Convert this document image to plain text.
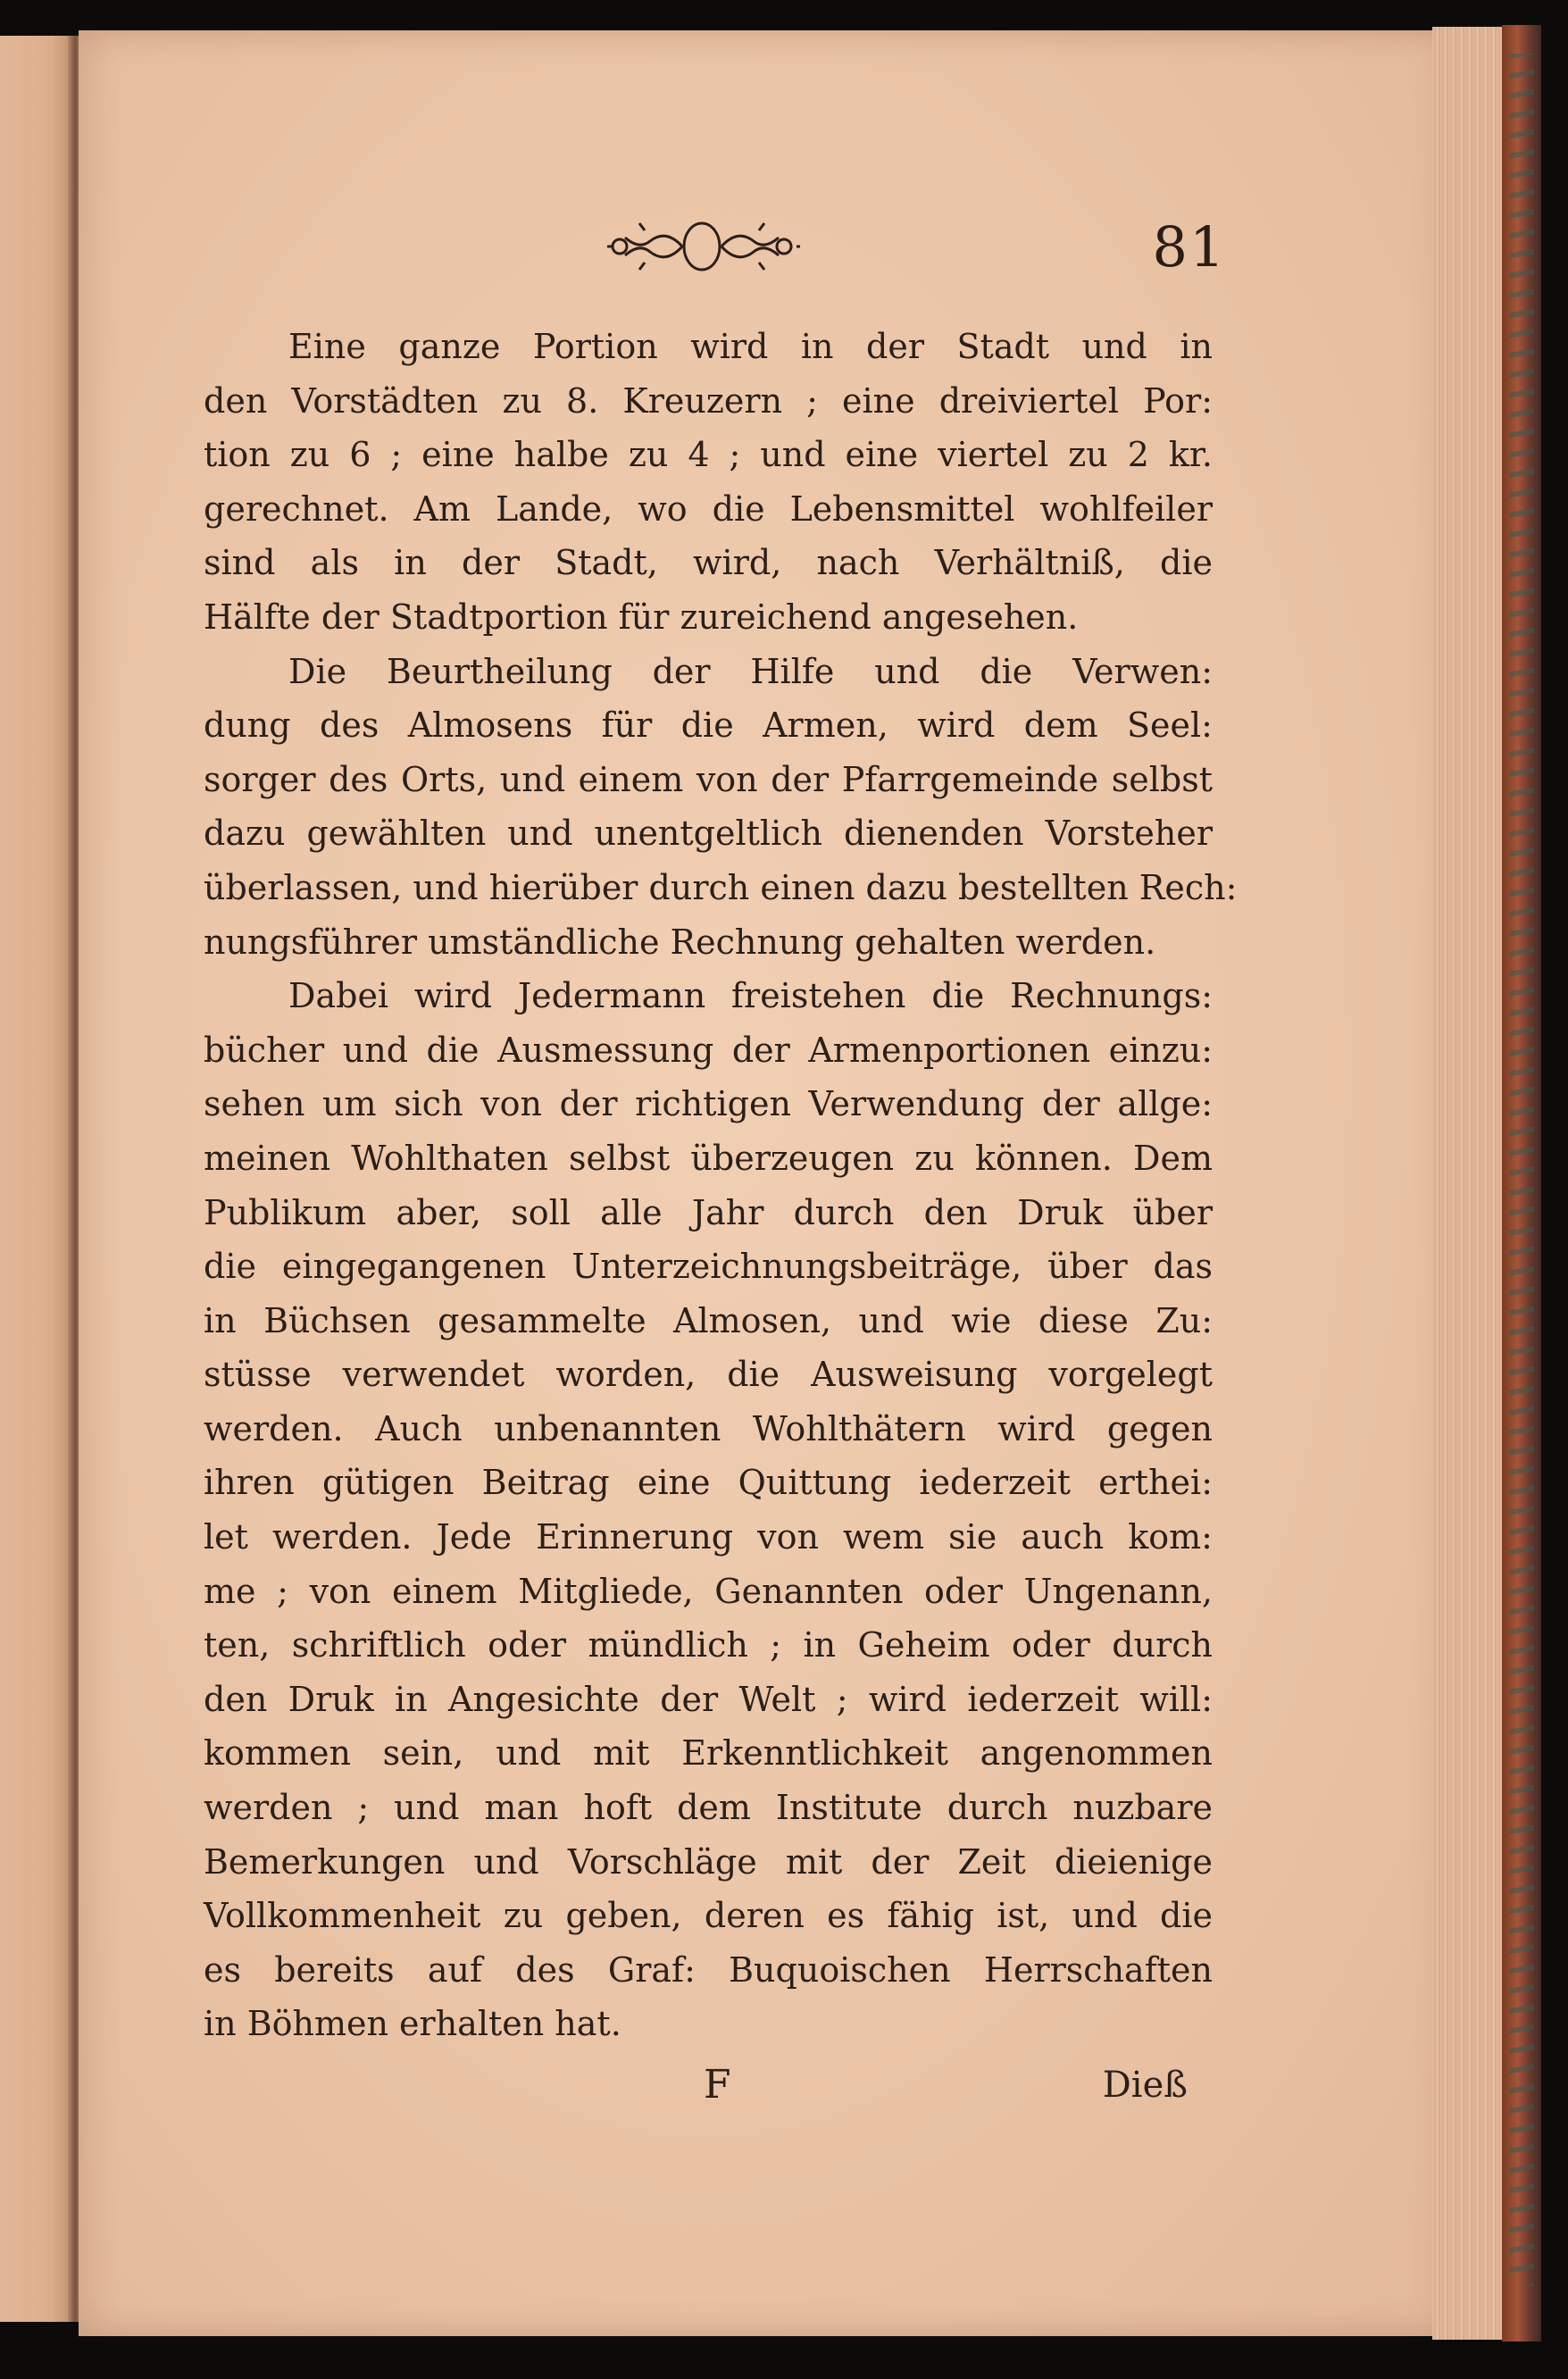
81
Eine ganze Portion wird in der Stadt und in
den Vorstädten zu 8. Kreuzern ; eine dreiviertel Por:
tion zu 6 ; eine halbe zu 4 ; und eine viertel zu 2 kr.
gerechnet. Am Lande, wo die Lebensmittel wohlfeiler
sind als in der Stadt, wird, nach Verhältniß, die
Hälfte der Stadtportion für zureichend angesehen.
Die Beurtheilung der Hilfe und die Verwen:
dung des Almosens für die Armen, wird dem Seel:
sorger des Orts, und einem von der Pfarrgemeinde selbst
dazu gewählten und unentgeltlich dienenden Vorsteher
überlassen, und hierüber durch einen dazu bestellten Rech:
nungsführer umständliche Rechnung gehalten werden.
Dabei wird Jedermann freistehen die Rechnungs:
bücher und die Ausmessung der Armenportionen einzu:
sehen um sich von der richtigen Verwendung der allge:
meinen Wohlthaten selbst überzeugen zu können. Dem
Publikum aber, soll alle Jahr durch den Druk über
die eingegangenen Unterzeichnungsbeiträge, über das
in Büchsen gesammelte Almosen, und wie diese Zu:
stüsse verwendet worden, die Ausweisung vorgelegt
werden. Auch unbenannten Wohlthätern wird gegen
ihren gütigen Beitrag eine Quittung iederzeit erthei:
let werden. Jede Erinnerung von wem sie auch kom:
me ; von einem Mitgliede, Genannten oder Ungenann,
ten, schriftlich oder mündlich ; in Geheim oder durch
den Druk in Angesichte der Welt ; wird iederzeit will:
kommen sein, und mit Erkenntlichkeit angenommen
werden ; und man hoft dem Institute durch nuzbare
Bemerkungen und Vorschläge mit der Zeit dieienige
Vollkommenheit zu geben, deren es fähig ist, und die
es bereits auf des Graf: Buquoischen Herrschaften
in Böhmen erhalten hat.
F	Dieß
